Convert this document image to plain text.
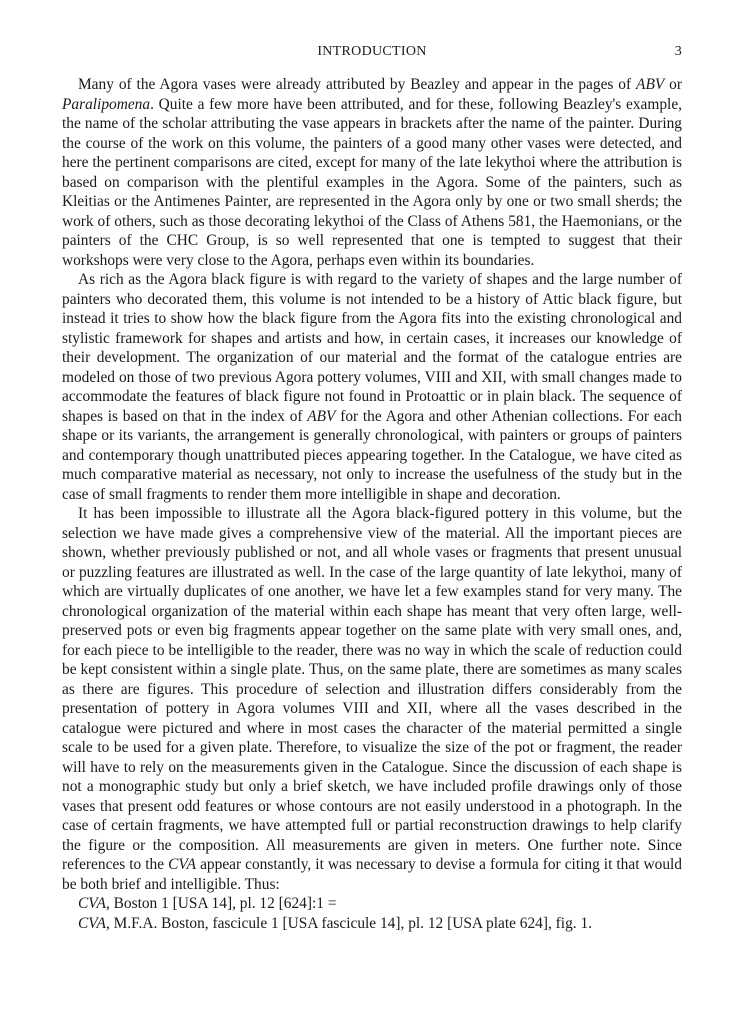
INTRODUCTION	3

Many of the Agora vases were already attributed by Beazley and appear in the pages of ABV or Paralipomena. Quite a few more have been attributed, and for these, following Beazley's example, the name of the scholar attributing the vase appears in brackets after the name of the painter. During the course of the work on this volume, the painters of a good many other vases were detected, and here the pertinent comparisons are cited, except for many of the late lekythoi where the attribution is based on comparison with the plentiful examples in the Agora. Some of the painters, such as Kleitias or the Antimenes Painter, are represented in the Agora only by one or two small sherds; the work of others, such as those decorating lekythoi of the Class of Athens 581, the Haemonians, or the painters of the CHC Group, is so well represented that one is tempted to suggest that their workshops were very close to the Agora, perhaps even within its boundaries.

As rich as the Agora black figure is with regard to the variety of shapes and the large number of painters who decorated them, this volume is not intended to be a history of Attic black figure, but instead it tries to show how the black figure from the Agora fits into the existing chronological and stylistic framework for shapes and artists and how, in certain cases, it increases our knowledge of their development. The organization of our material and the format of the catalogue entries are modeled on those of two previous Agora pottery volumes, VIII and XII, with small changes made to accommodate the features of black figure not found in Protoattic or in plain black. The sequence of shapes is based on that in the index of ABV for the Agora and other Athenian collections. For each shape or its variants, the arrangement is generally chronological, with painters or groups of painters and contemporary though unattributed pieces appearing together. In the Catalogue, we have cited as much comparative material as necessary, not only to increase the usefulness of the study but in the case of small fragments to render them more intelligible in shape and decoration.

It has been impossible to illustrate all the Agora black-figured pottery in this volume, but the selection we have made gives a comprehensive view of the material. All the important pieces are shown, whether previously published or not, and all whole vases or fragments that present unusual or puzzling features are illustrated as well. In the case of the large quantity of late lekythoi, many of which are virtually duplicates of one another, we have let a few examples stand for very many. The chronological organization of the material within each shape has meant that very often large, well-preserved pots or even big fragments appear together on the same plate with very small ones, and, for each piece to be intelligible to the reader, there was no way in which the scale of reduction could be kept consistent within a single plate. Thus, on the same plate, there are sometimes as many scales as there are figures. This procedure of selection and illustration differs considerably from the presentation of pottery in Agora volumes VIII and XII, where all the vases described in the catalogue were pictured and where in most cases the character of the material permitted a single scale to be used for a given plate. Therefore, to visualize the size of the pot or fragment, the reader will have to rely on the measurements given in the Catalogue. Since the discussion of each shape is not a monographic study but only a brief sketch, we have included profile drawings only of those vases that present odd features or whose contours are not easily understood in a photograph. In the case of certain fragments, we have attempted full or partial reconstruction drawings to help clarify the figure or the composition. All measurements are given in meters. One further note. Since references to the CVA appear constantly, it was necessary to devise a formula for citing it that would be both brief and intelligible. Thus:

CVA, Boston 1 [USA 14], pl. 12 [624]:1 =

CVA, M.F.A. Boston, fascicule 1 [USA fascicule 14], pl. 12 [USA plate 624], fig. 1.
